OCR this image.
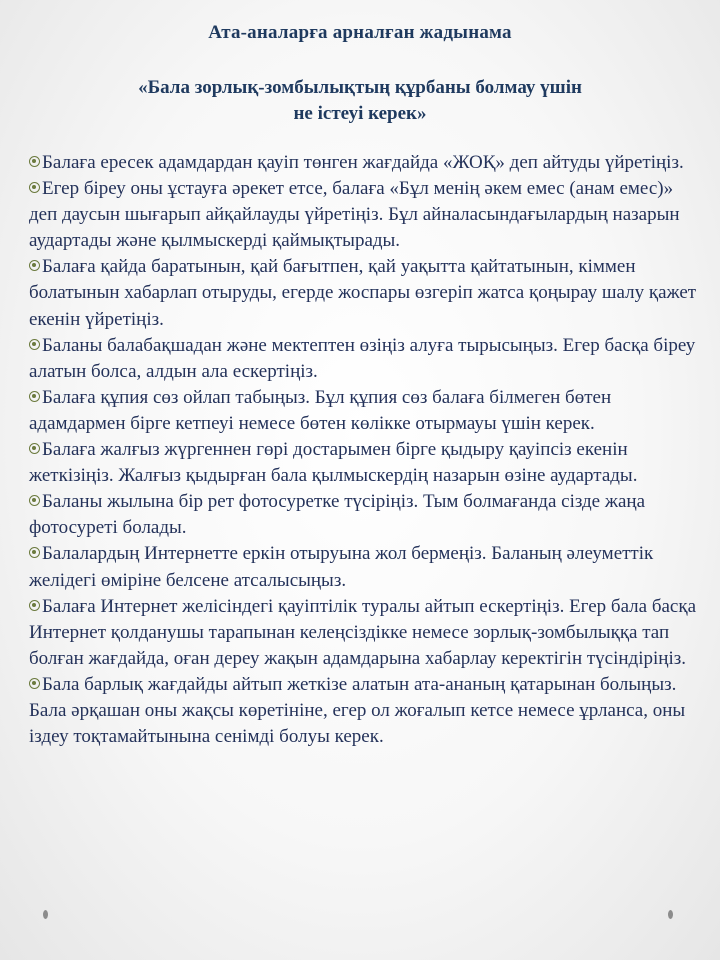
Ата-аналарға арналған жадынама
«Бала зорлық-зомбылықтың құрбаны болмау үшін
не істеуі керек»

Балаға ересек адамдардан қауіп төнген жағдайда «ЖОҚ» деп айтуды үйретіңіз.

Егер біреу оны ұстауға әрекет етсе, балаға «Бұл менің әкем емес (анам емес)» деп даусын шығарып айқайлауды үйретіңіз. Бұл айналасындағылардың назарын аудартады және қылмыскерді қаймықтырады.

Балаға қайда баратынын, қай бағытпен, қай уақытта қайтатынын, кіммен болатынын хабарлап отыруды, егерде жоспары өзгеріп жатса қоңырау шалу қажет екенін үйретіңіз.

Баланы балабақшадан және мектептен өзіңіз алуға тырысыңыз. Егер басқа біреу алатын болса, алдын ала ескертіңіз.

Балаға құпия сөз ойлап табыңыз. Бұл құпия сөз балаға білмеген бөтен адамдармен бірге кетпеуі немесе бөтен көлікке отырмауы үшін керек.

Балаға жалғыз жүргеннен гөрі достарымен бірге қыдыру қауіпсіз екенін жеткізіңіз. Жалғыз қыдырған бала қылмыскердің назарын өзіне аудартады.

Баланы жылына бір рет фотосуретке түсіріңіз. Тым болмағанда сізде жаңа фотосуреті болады.

Балалардың Интернетте еркін отыруына жол бермеңіз. Баланың әлеуметтік желідегі өміріне белсене атсалысыңыз.

Балаға Интернет желісіндегі қауіптілік туралы айтып ескертіңіз. Егер бала басқа Интернет қолданушы тарапынан келеңсіздікке немесе зорлық-зомбылыққа тап болған жағдайда, оған дереу жақын адамдарына хабарлау керектігін түсіндіріңіз.

Бала барлық жағдайды айтып жеткізе алатын ата-ананың қатарынан болыңыз.

Бала әрқашан оны жақсы көретініне, егер ол жоғалып кетсе немесе ұрланса, оны іздеу тоқтамайтынына сенімді болуы керек.
